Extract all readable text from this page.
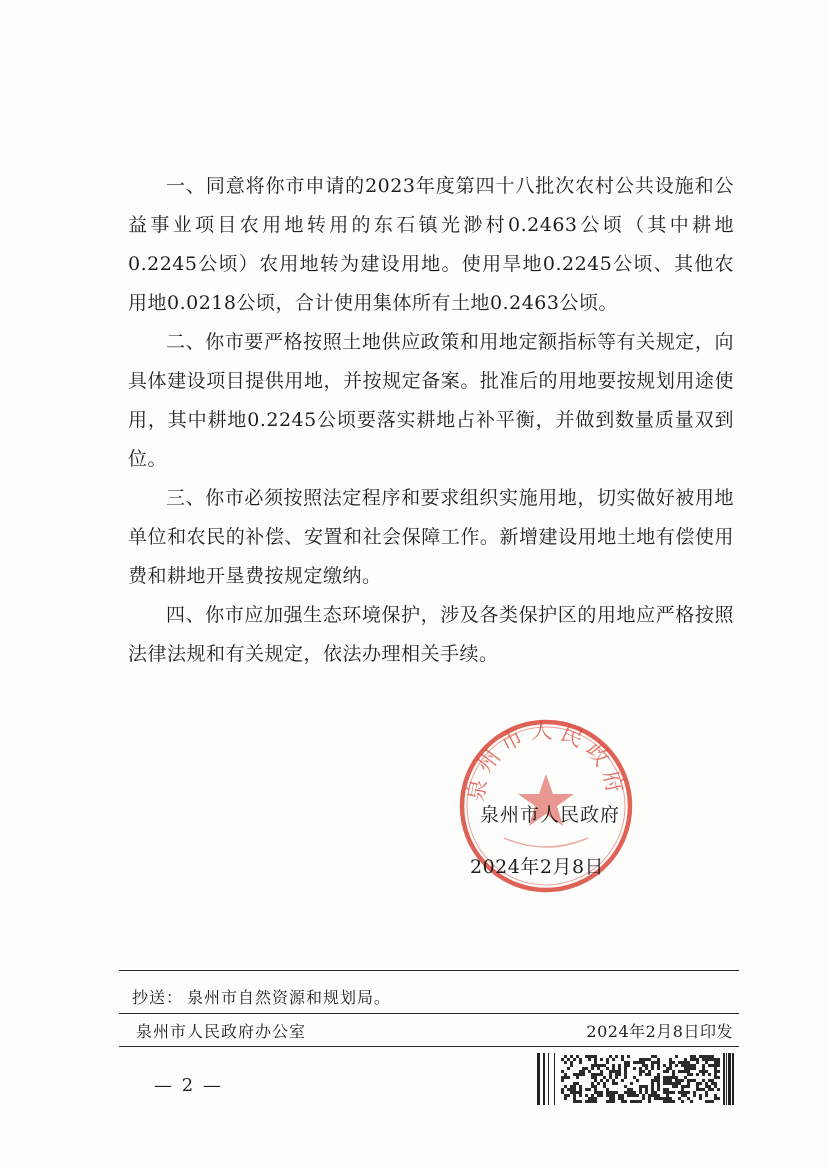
一、同意将你市申请的2023年度第四十八批次农村公共设施和公益事业项目农用地转用的东石镇光渺村0.2463公顷（其中耕地0.2245公顷）农用地转为建设用地。使用旱地0.2245公顷、其他农用地0.0218公顷，合计使用集体所有土地0.2463公顷。

二、你市要严格按照土地供应政策和用地定额指标等有关规定，向具体建设项目提供用地，并按规定备案。批准后的用地要按规划用途使用，其中耕地0.2245公顷要落实耕地占补平衡，并做到数量质量双到位。

三、你市必须按照法定程序和要求组织实施用地，切实做好被用地单位和农民的补偿、安置和社会保障工作。新增建设用地土地有偿使用费和耕地开垦费按规定缴纳。

四、你市应加强生态环境保护，涉及各类保护区的用地应严格按照法律法规和有关规定，依法办理相关手续。

泉州市人民政府
泉州市人民政府
2024年2月8日
抄送： 泉州市自然资源和规划局。
泉州市人民政府办公室	2024年2月8日印发
— 2 —
